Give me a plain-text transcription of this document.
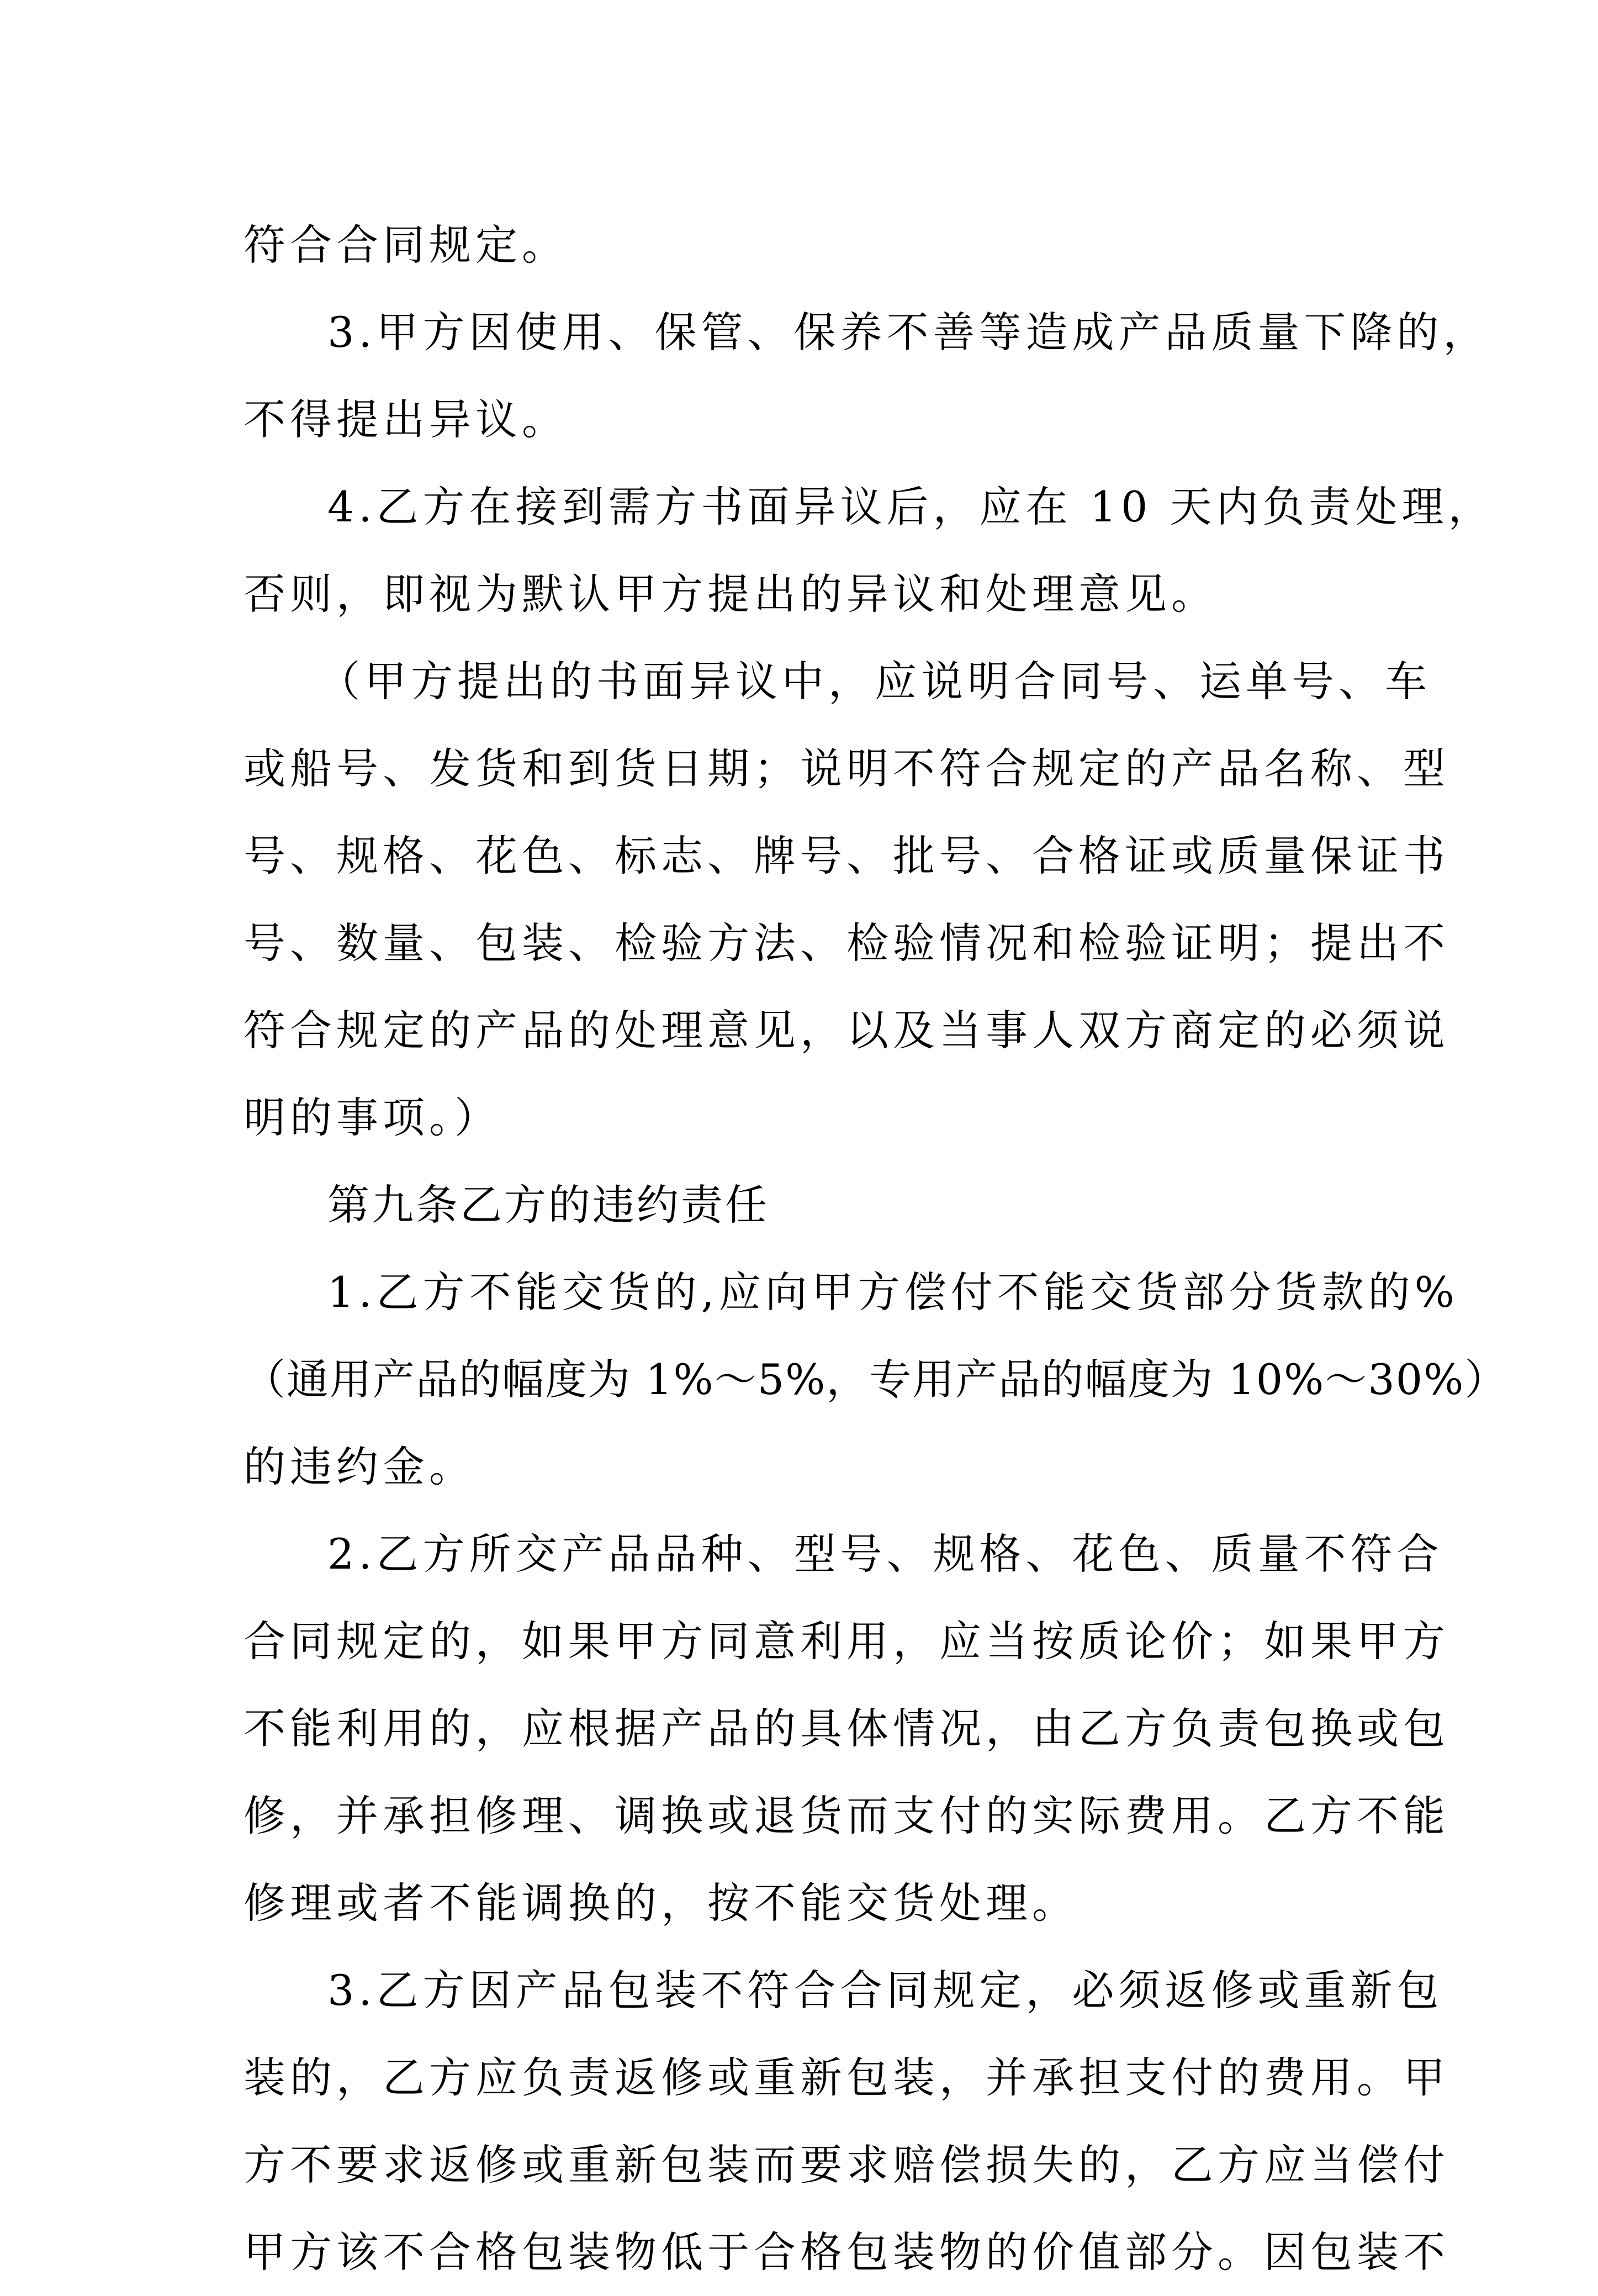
符合合同规定。
3.甲方因使用、保管、保养不善等造成产品质量下降的，
不得提出异议。
4.乙方在接到需方书面异议后，应在 10 天内负责处理，
否则，即视为默认甲方提出的异议和处理意见。
（甲方提出的书面异议中，应说明合同号、运单号、车
或船号、发货和到货日期；说明不符合规定的产品名称、型
号、规格、花色、标志、牌号、批号、合格证或质量保证书
号、数量、包装、检验方法、检验情况和检验证明；提出不
符合规定的产品的处理意见，以及当事人双方商定的必须说
明的事项。）
第九条乙方的违约责任
1.乙方不能交货的,应向甲方偿付不能交货部分货款的%
（通用产品的幅度为 1%～5%，专用产品的幅度为 10%～30%）
的违约金。
2.乙方所交产品品种、型号、规格、花色、质量不符合
合同规定的，如果甲方同意利用，应当按质论价；如果甲方
不能利用的，应根据产品的具体情况，由乙方负责包换或包
修，并承担修理、调换或退货而支付的实际费用。乙方不能
修理或者不能调换的，按不能交货处理。
3.乙方因产品包装不符合合同规定，必须返修或重新包
装的，乙方应负责返修或重新包装，并承担支付的费用。甲
方不要求返修或重新包装而要求赔偿损失的，乙方应当偿付
甲方该不合格包装物低于合格包装物的价值部分。因包装不
